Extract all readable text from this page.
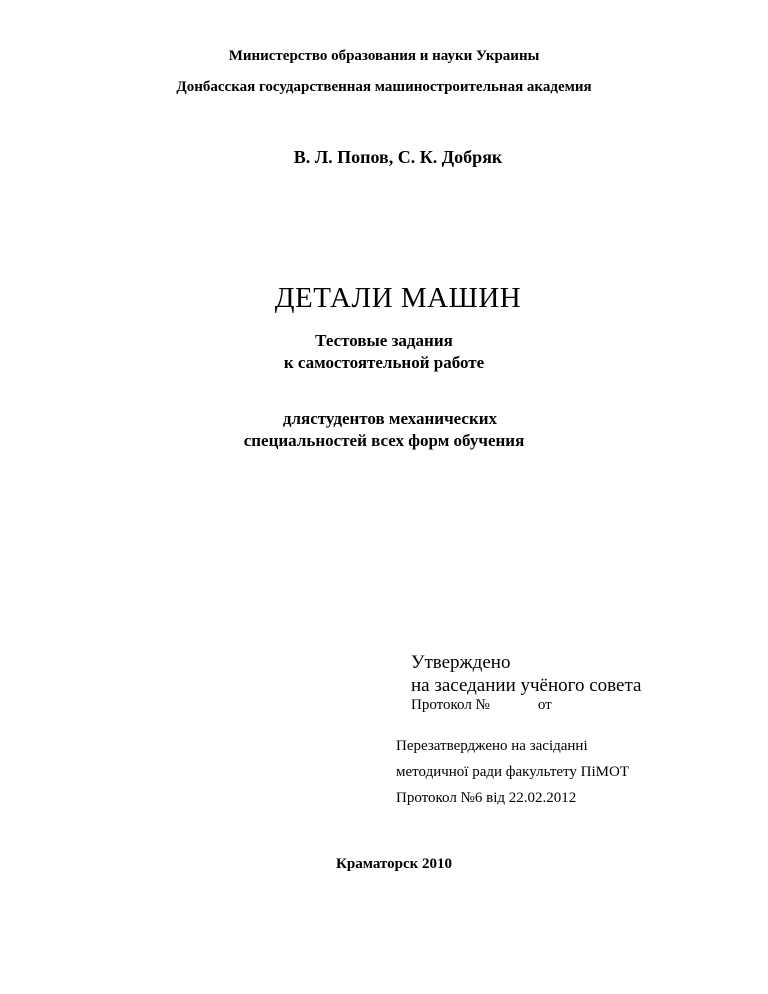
Министерство образования и науки Украины
Донбасская государственная машиностроительная академия
В. Л. Попов, С. К. Добряк
ДЕТАЛИ МАШИН
Тестовые задания
к самостоятельной работе
длястудентов механических
специальностей всех форм обучения
Утверждено
на заседании учёного совета
Протокол №	от
Перезатверджено на засіданні
методичної ради факультету ПіМОТ
Протокол №6 від 22.02.2012
Краматорск 2010
